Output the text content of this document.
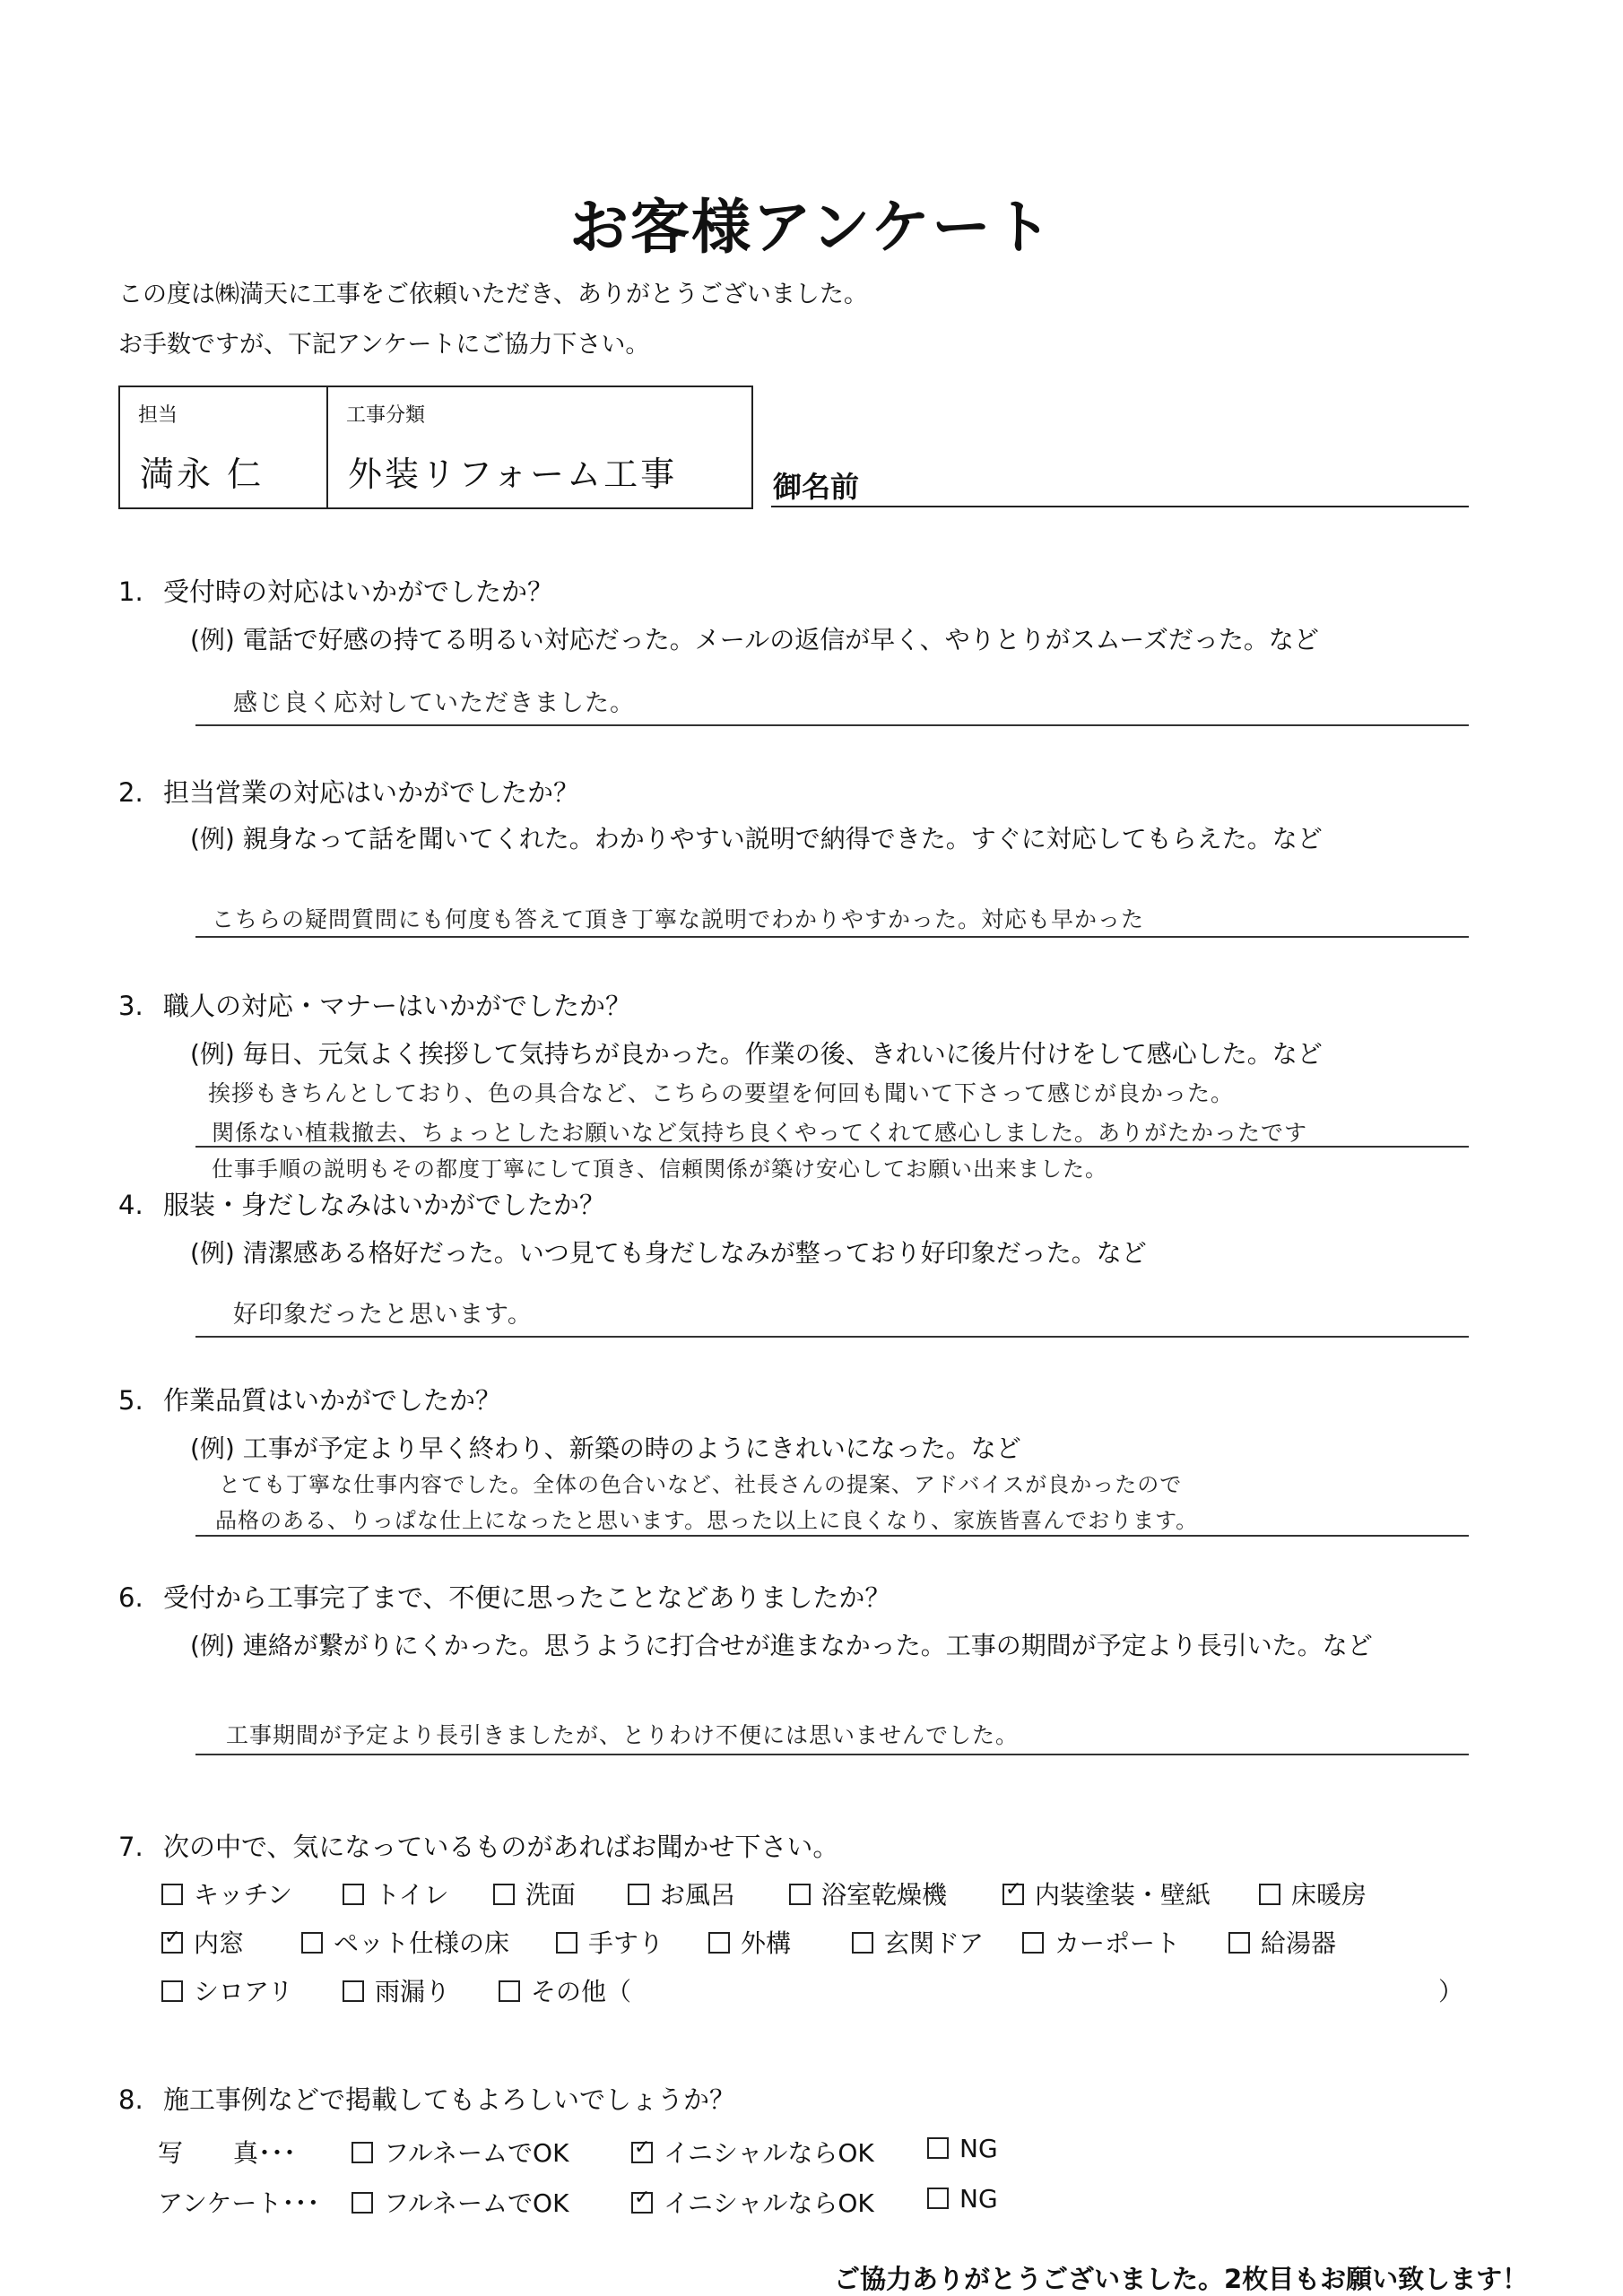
お客様アンケート
この度は㈱満天に工事をご依頼いただき、ありがとうございました。
お手数ですが、下記アンケートにご協力下さい。
担当
満永 仁
工事分類
外装リフォーム工事	御名前
1. 受付時の対応はいかがでしたか？
(例) 電話で好感の持てる明るい対応だった。メールの返信が早く、やりとりがスムーズだった。など
感じ良く応対していただきました。
2. 担当営業の対応はいかがでしたか？
(例) 親身なって話を聞いてくれた。わかりやすい説明で納得できた。すぐに対応してもらえた。など
こちらの疑問質問にも何度も答えて頂き丁寧な説明でわかりやすかった。対応も早かった
3. 職人の対応・マナーはいかがでしたか？
(例) 毎日、元気よく挨拶して気持ちが良かった。作業の後、きれいに後片付けをして感心した。など
挨拶もきちんとしており、色の具合など、こちらの要望を何回も聞いて下さって感じが良かった。
関係ない植栽撤去、ちょっとしたお願いなど気持ち良くやってくれて感心しました。ありがたかったです
仕事手順の説明もその都度丁寧にして頂き、信頼関係が築け安心してお願い出来ました。
4. 服装・身だしなみはいかがでしたか？
(例) 清潔感ある格好だった。いつ見ても身だしなみが整っており好印象だった。など
好印象だったと思います。
5. 作業品質はいかがでしたか？
(例) 工事が予定より早く終わり、新築の時のようにきれいになった。など
とても丁寧な仕事内容でした。全体の色合いなど、社長さんの提案、アドバイスが良かったので
品格のある、りっぱな仕上になったと思います。思った以上に良くなり、家族皆喜んでおります。
6. 受付から工事完了まで、不便に思ったことなどありましたか？
(例) 連絡が繋がりにくかった。思うように打合せが進まなかった。工事の期間が予定より長引いた。など
工事期間が予定より長引きましたが、とりわけ不便には思いませんでした。
7. 次の中で、気になっているものがあればお聞かせ下さい。
キッチン	トイレ	洗面	お風呂	浴室乾燥機 ✓	内装塗装・壁紙	床暖房
✓内窓	ペット仕様の床	手すり	外構	玄関ドア	カーポート	給湯器
シロアリ	雨漏り	その他（	）
8. 施工事例などで掲載してもよろしいでしょうか？
写　　真･･･	フルネームでOK ✓	イニシャルならOK	NG
アンケート･･･	フルネームでOK ✓	イニシャルならOK	NG
ご協力ありがとうございました。2枚目もお願い致します！
